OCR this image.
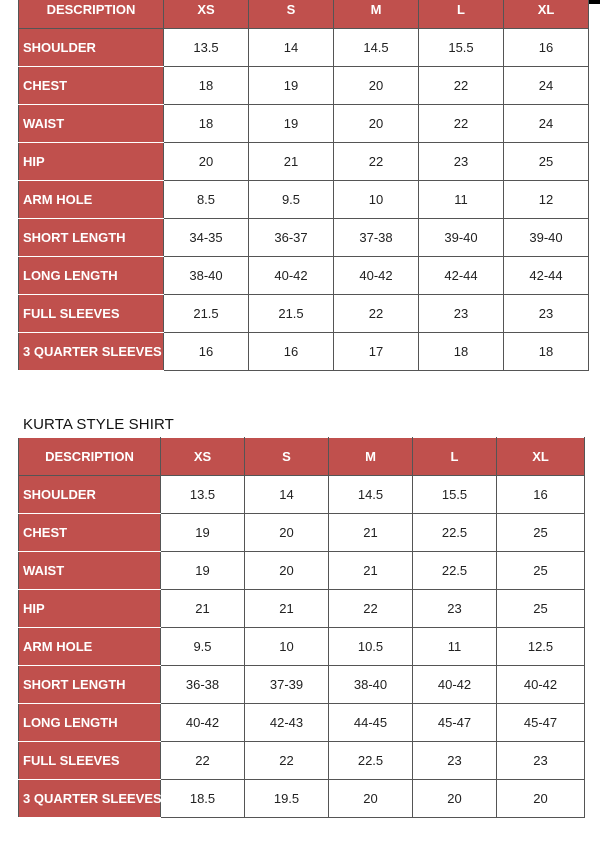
DESCRIPTION	XS	S	M	L	XL
SHOULDER	13.5	14	14.5	15.5	16
CHEST	18	19	20	22	24
WAIST	18	19	20	22	24
HIP	20	21	22	23	25
ARM HOLE	8.5	9.5	10	11	12
SHORT LENGTH	34-35	36-37	37-38	39-40	39-40
LONG LENGTH	38-40	40-42	40-42	42-44	42-44
FULL SLEEVES	21.5	21.5	22	23	23
3 QUARTER SLEEVES	16	16	17	18	18
KURTA STYLE SHIRT
DESCRIPTION	XS	S	M	L	XL
SHOULDER	13.5	14	14.5	15.5	16
CHEST	19	20	21	22.5	25
WAIST	19	20	21	22.5	25
HIP	21	21	22	23	25
ARM HOLE	9.5	10	10.5	11	12.5
SHORT LENGTH	36-38	37-39	38-40	40-42	40-42
LONG LENGTH	40-42	42-43	44-45	45-47	45-47
FULL SLEEVES	22	22	22.5	23	23
3 QUARTER SLEEVES	18.5	19.5	20	20	20
